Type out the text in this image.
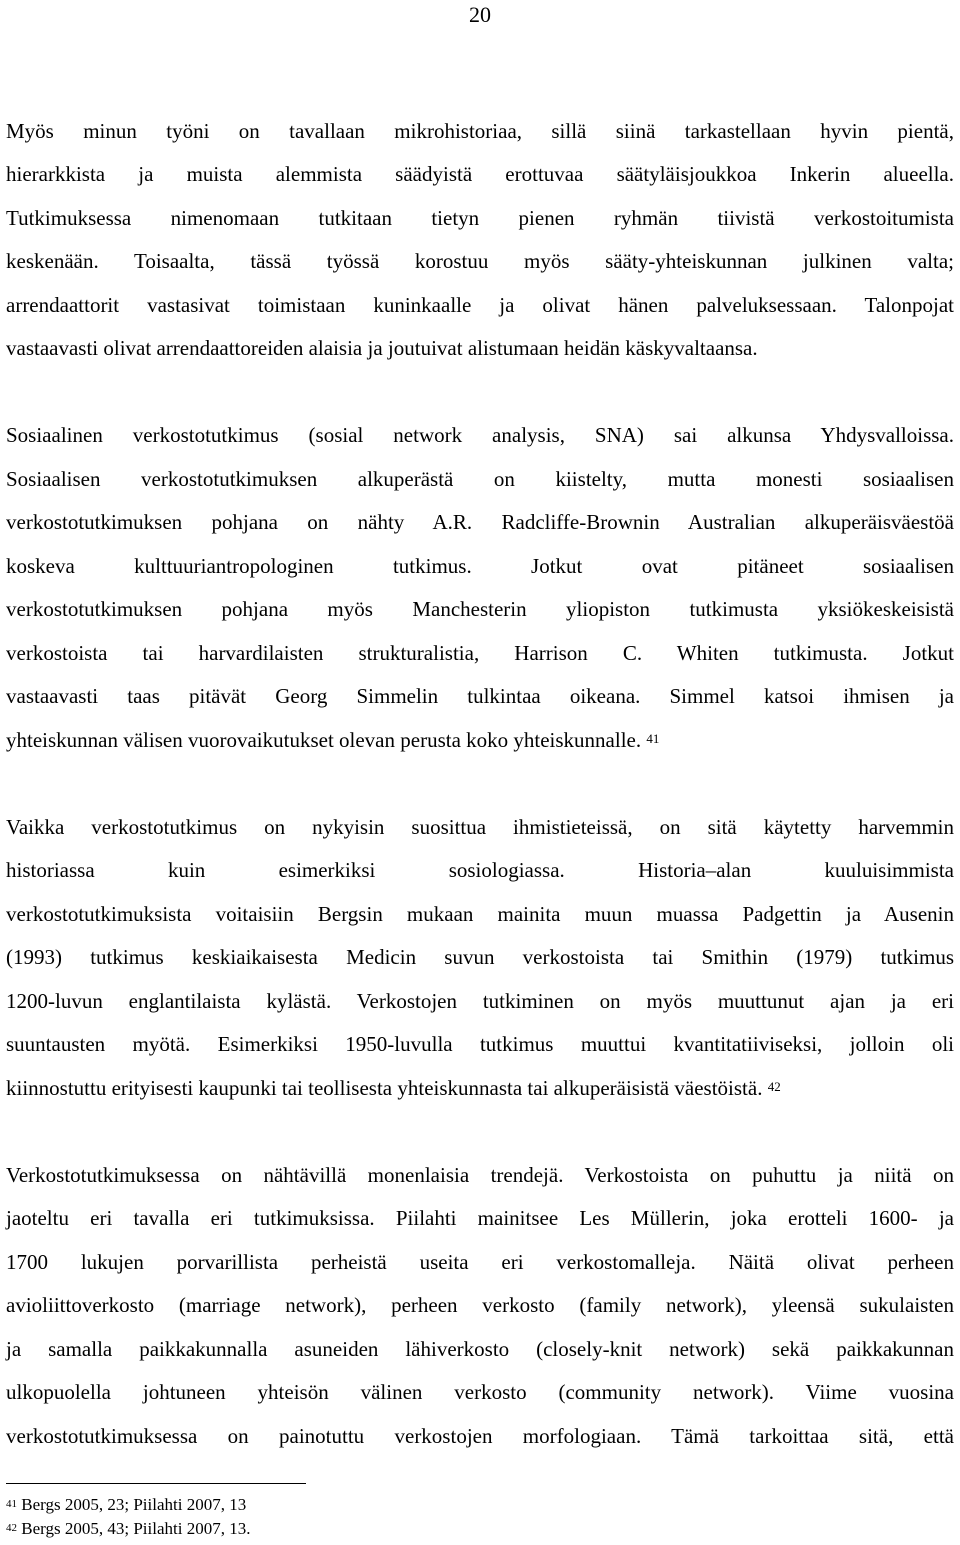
20
Myös minun työni on tavallaan mikrohistoriaa, sillä siinä tarkastellaan hyvin pientä,
hierarkkista ja muista alemmista säädyistä erottuvaa säätyläisjoukkoa Inkerin alueella.
Tutkimuksessa nimenomaan tutkitaan tietyn pienen ryhmän tiivistä verkostoitumista
keskenään. Toisaalta, tässä työssä korostuu myös sääty-yhteiskunnan julkinen valta;
arrendaattorit vastasivat toimistaan kuninkaalle ja olivat hänen palveluksessaan. Talonpojat
vastaavasti olivat arrendaattoreiden alaisia ja joutuivat alistumaan heidän käskyvaltaansa.
Sosiaalinen verkostotutkimus (sosial network analysis, SNA) sai alkunsa Yhdysvalloissa.
Sosiaalisen verkostotutkimuksen alkuperästä on kiistelty, mutta monesti sosiaalisen
verkostotutkimuksen pohjana on nähty A.R. Radcliffe-Brownin Australian alkuperäisväestöä
koskeva kulttuuriantropologinen tutkimus. Jotkut ovat pitäneet sosiaalisen
verkostotutkimuksen pohjana myös Manchesterin yliopiston tutkimusta yksiökeskeisistä
verkostoista tai harvardilaisten strukturalistia, Harrison C. Whiten tutkimusta. Jotkut
vastaavasti taas pitävät Georg Simmelin tulkintaa oikeana. Simmel katsoi ihmisen ja
yhteiskunnan välisen vuorovaikutukset olevan perusta koko yhteiskunnalle. $^{41}$
Vaikka verkostotutkimus on nykyisin suosittua ihmistieteissä, on sitä käytetty harvemmin
historiassa kuin esimerkiksi sosiologiassa. Historia–alan kuuluisimmista
verkostotutkimuksista voitaisiin Bergsin mukaan mainita muun muassa Padgettin ja Ausenin
(1993) tutkimus keskiaikaisesta Medicin suvun verkostoista tai Smithin (1979) tutkimus
1200-luvun englantilaista kylästä. Verkostojen tutkiminen on myös muuttunut ajan ja eri
suuntausten myötä. Esimerkiksi 1950-luvulla tutkimus muuttui kvantitatiiviseksi, jolloin oli
kiinnostuttu erityisesti kaupunki tai teollisesta yhteiskunnasta tai alkuperäisistä väestöistä. $^{42}$
Verkostotutkimuksessa on nähtävillä monenlaisia trendejä. Verkostoista on puhuttu ja niitä on
jaoteltu eri tavalla eri tutkimuksissa. Piilahti mainitsee Les Müllerin, joka erotteli 1600- ja
1700 lukujen porvarillista perheistä useita eri verkostomalleja. Näitä olivat perheen
avioliittoverkosto (marriage network), perheen verkosto (family network), yleensä sukulaisten
ja samalla paikkakunnalla asuneiden lähiverkosto (closely-knit network) sekä paikkakunnan
ulkopuolella johtuneen yhteisön välinen verkosto (community network). Viime vuosina
verkostotutkimuksessa on painotuttu verkostojen morfologiaan. Tämä tarkoittaa sitä, että
$^{41}$ Bergs 2005, 23; Piilahti 2007, 13
$^{42}$ Bergs 2005, 43; Piilahti 2007, 13.
